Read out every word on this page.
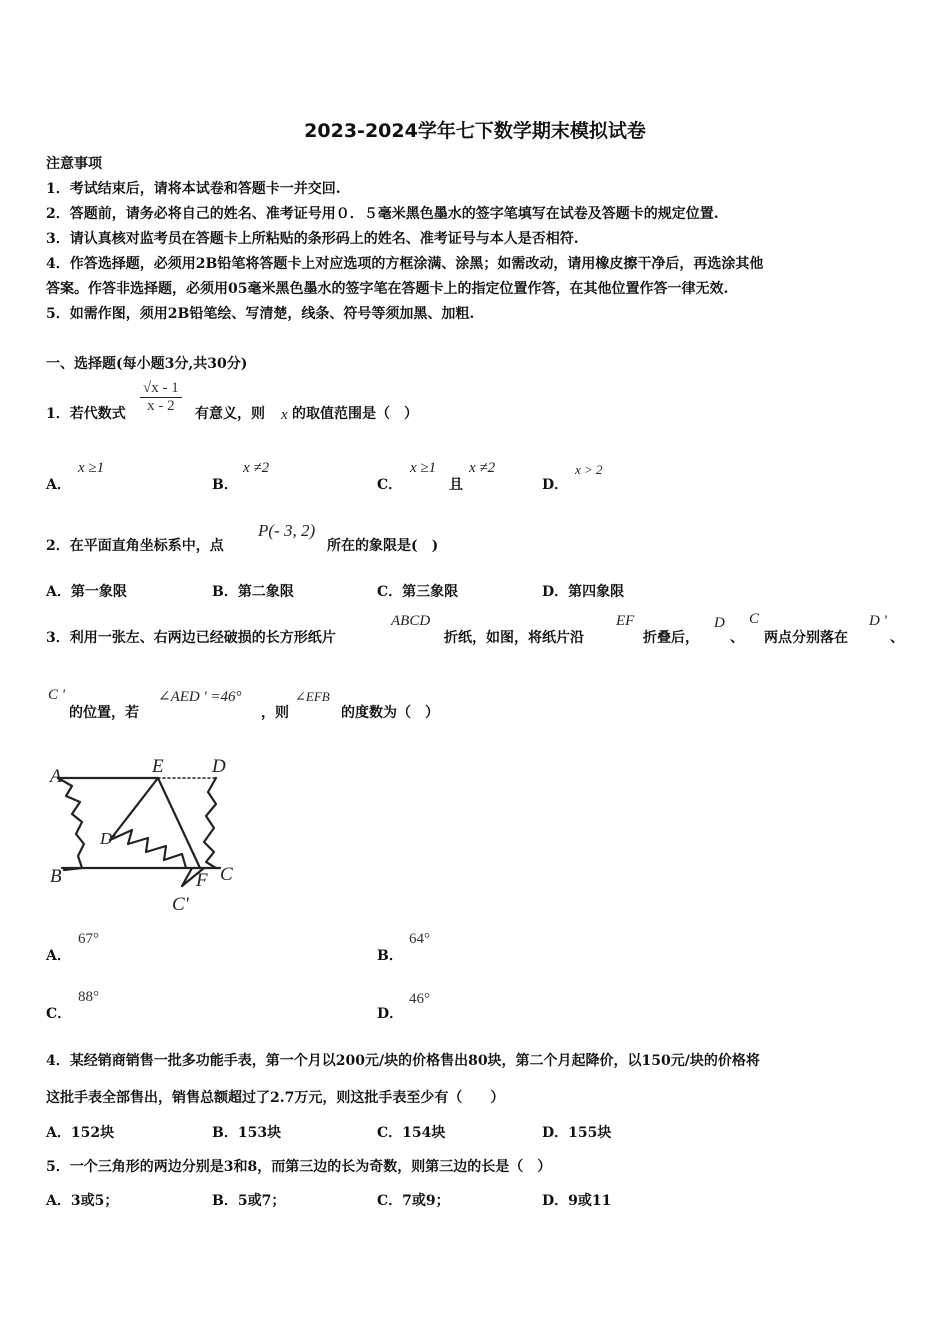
2023-2024学年七下数学期末模拟试卷
注意事项
1．考试结束后，请将本试卷和答题卡一并交回.
2．答题前，请务必将自己的姓名、准考证号用０．５毫米黑色墨水的签字笔填写在试卷及答题卡的规定位置.
3．请认真核对监考员在答题卡上所粘贴的条形码上的姓名、准考证号与本人是否相符.
4．作答选择题，必须用2B铅笔将答题卡上对应选项的方框涂满、涂黑；如需改动，请用橡皮擦干净后，再选涂其他
答案。作答非选择题，必须用05毫米黑色墨水的签字笔在答题卡上的指定位置作答，在其他位置作答一律无效.
5．如需作图，须用2B铅笔绘、写清楚，线条、符号等须加黑、加粗.
一、选择题(每小题3分,共30分)
1．若代数式 $\frac{√x - 1}{x - 2}$ 有意义，则 x 的取值范围是（　）
A．
x ≥1
B．
x ≠2
C．
x ≥1
且
x ≠2
D．
x > 2
2．在平面直角坐标系中，点
P(- 3, 2)
所在的象限是(　)
A．第一象限	B．第二象限	C．第三象限	D．第四象限
3．利用一张左、右两边已经破损的长方形纸片
ABCD
折纸，如图，将纸片沿
EF
折叠后，
D
、
C
两点分别落在
D '
、
C '
的位置，若
∠AED ' =46°
，则
∠EFB
的度数为（　）
A	E	D
D'
B	F C
C'
A．
67°
B．
64°
C．
88°
D．
46°
4．某经销商销售一批多功能手表，第一个月以200元/块的价格售出80块，第二个月起降价，以150元/块的价格将
这批手表全部售出，销售总额超过了2.7万元，则这批手表至少有（　　）
A．152块	B．153块	C．154块	D．155块
5．一个三角形的两边分别是3和8，而第三边的长为奇数，则第三边的长是（　）
A．3或5；	B．5或7；	C．7或9；	D．9或11
